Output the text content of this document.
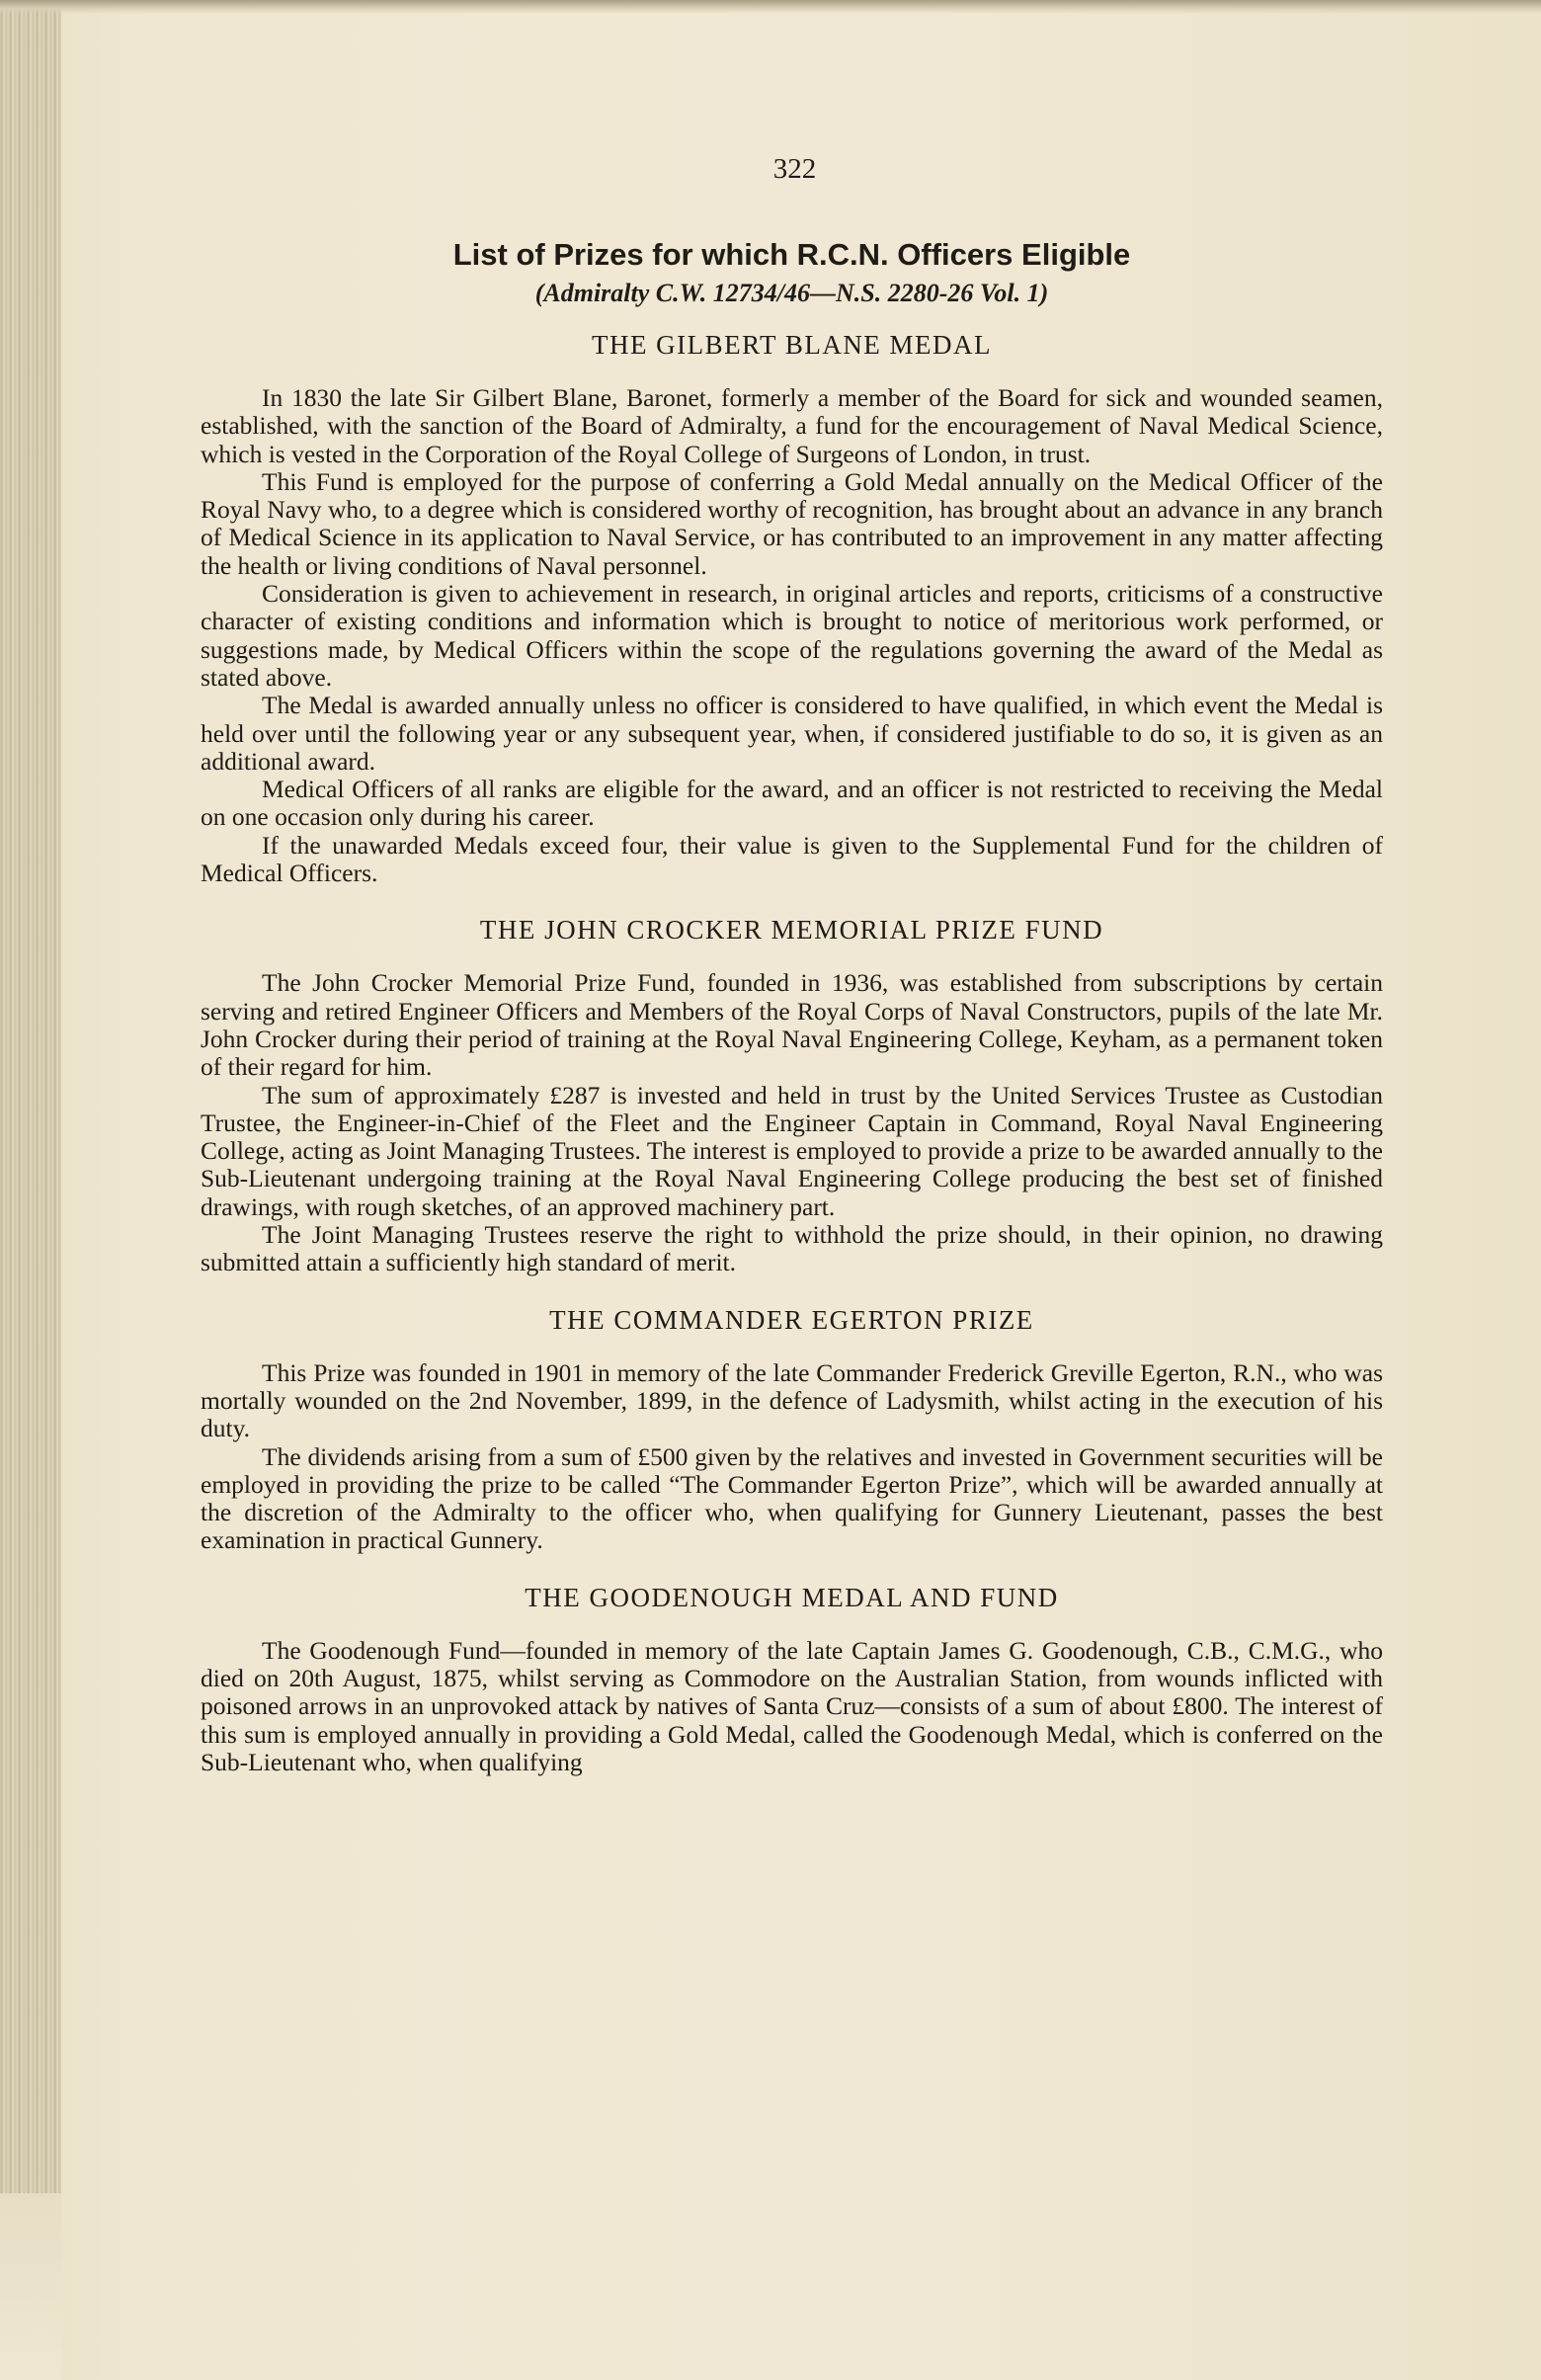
322
List of Prizes for which R.C.N. Officers Eligible
(Admiralty C.W. 12734/46—N.S. 2280-26 Vol. 1)
THE GILBERT BLANE MEDAL

In 1830 the late Sir Gilbert Blane, Baronet, formerly a member of the Board for sick and wounded seamen, established, with the sanction of the Board of Admiralty, a fund for the encouragement of Naval Medical Science, which is vested in the Corporation of the Royal College of Surgeons of London, in trust.

This Fund is employed for the purpose of conferring a Gold Medal annually on the Medical Officer of the Royal Navy who, to a degree which is considered worthy of recognition, has brought about an advance in any branch of Medical Science in its application to Naval Service, or has contributed to an improvement in any matter affecting the health or living conditions of Naval personnel.

Consideration is given to achievement in research, in original articles and reports, criticisms of a constructive character of existing conditions and information which is brought to notice of meritorious work performed, or suggestions made, by Medical Officers within the scope of the regulations governing the award of the Medal as stated above.

The Medal is awarded annually unless no officer is considered to have qualified, in which event the Medal is held over until the following year or any subsequent year, when, if considered justifiable to do so, it is given as an additional award.

Medical Officers of all ranks are eligible for the award, and an officer is not restricted to receiving the Medal on one occasion only during his career.

If the unawarded Medals exceed four, their value is given to the Supplemental Fund for the children of Medical Officers.

THE JOHN CROCKER MEMORIAL PRIZE FUND

The John Crocker Memorial Prize Fund, founded in 1936, was established from subscriptions by certain serving and retired Engineer Officers and Members of the Royal Corps of Naval Constructors, pupils of the late Mr. John Crocker during their period of training at the Royal Naval Engineering College, Keyham, as a permanent token of their regard for him.

The sum of approximately £287 is invested and held in trust by the United Services Trustee as Custodian Trustee, the Engineer-in-Chief of the Fleet and the Engineer Captain in Command, Royal Naval Engineering College, acting as Joint Managing Trustees. The interest is employed to provide a prize to be awarded annually to the Sub-Lieutenant undergoing training at the Royal Naval Engineering College producing the best set of finished drawings, with rough sketches, of an approved machinery part.

The Joint Managing Trustees reserve the right to withhold the prize should, in their opinion, no drawing submitted attain a sufficiently high standard of merit.

THE COMMANDER EGERTON PRIZE

This Prize was founded in 1901 in memory of the late Commander Frederick Greville Egerton, R.N., who was mortally wounded on the 2nd November, 1899, in the defence of Ladysmith, whilst acting in the execution of his duty.

The dividends arising from a sum of £500 given by the relatives and invested in Government securities will be employed in providing the prize to be called “The Commander Egerton Prize”, which will be awarded annually at the discretion of the Admiralty to the officer who, when qualifying for Gunnery Lieutenant, passes the best examination in practical Gunnery.

THE GOODENOUGH MEDAL AND FUND

The Goodenough Fund—founded in memory of the late Captain James G. Goodenough, C.B., C.M.G., who died on 20th August, 1875, whilst serving as Commodore on the Australian Station, from wounds inflicted with poisoned arrows in an unprovoked attack by natives of Santa Cruz—consists of a sum of about £800. The interest of this sum is employed annually in providing a Gold Medal, called the Goodenough Medal, which is conferred on the Sub-Lieutenant who, when qualifying
